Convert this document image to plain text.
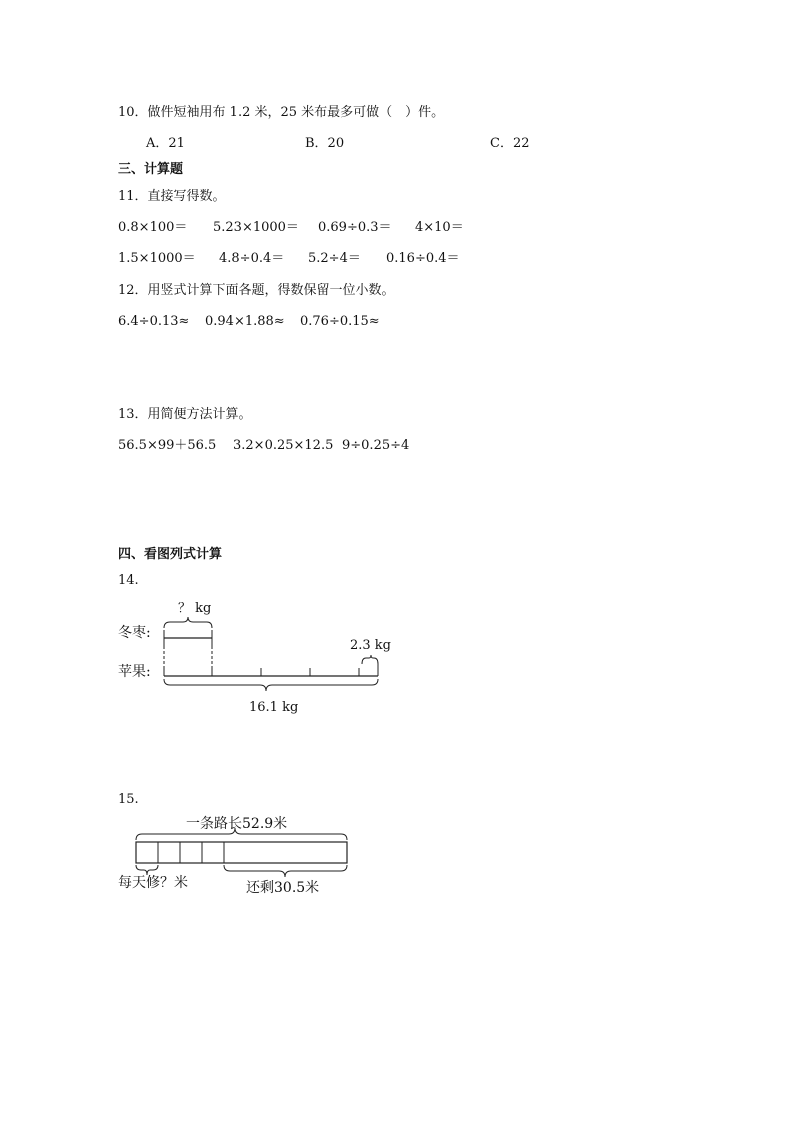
10．做件短袖用布 1.2 米，25 米布最多可做（　）件。
A．21	B．20	C．22
三、计算题
11．直接写得数。
0.8×100＝ 5.23×1000＝ 0.69÷0.3＝ 4×10＝
1.5×1000＝ 4.8÷0.4＝ 5.2÷4＝ 0.16÷0.4＝
12．用竖式计算下面各题，得数保留一位小数。
6.4÷0.13≈ 0.94×1.88≈ 0.76÷0.15≈
13．用简便方法计算。
56.5×99＋56.5 3.2×0.25×12.5 9÷0.25÷4
四、看图列式计算
14.
？ kg
冬枣:
2.3 kg
苹果:
16.1 kg
15.
一条路长52.9米
每天修？米	还剩30.5米
